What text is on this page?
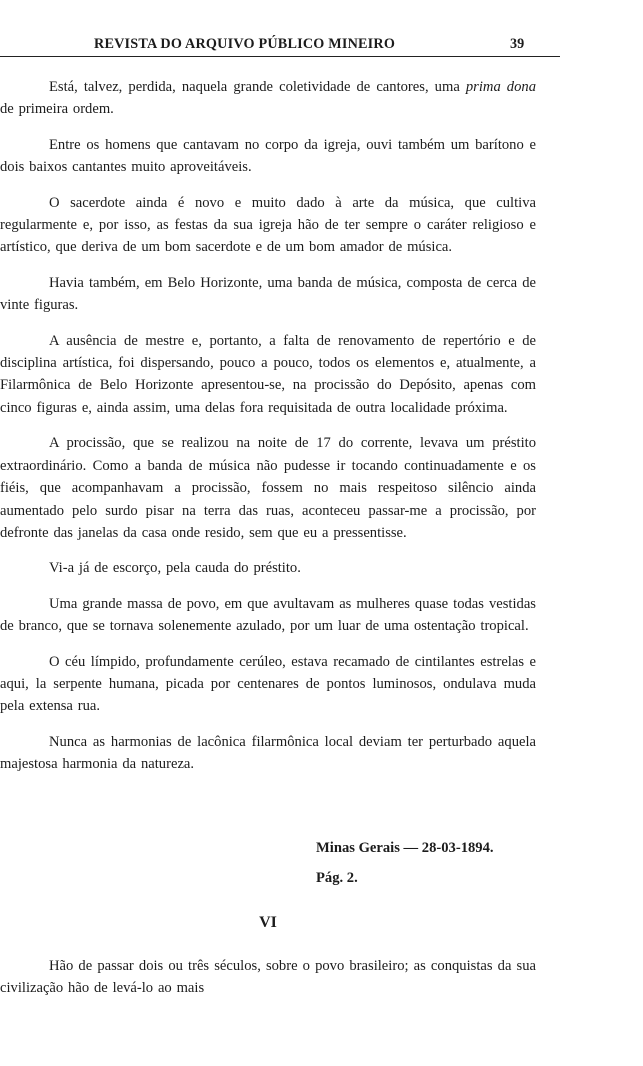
REVISTA DO ARQUIVO PÚBLICO MINEIRO	39

Está, talvez, perdida, naquela grande coletividade de cantores, uma prima dona de primeira ordem.

Entre os homens que cantavam no corpo da igreja, ouvi também um barítono e dois baixos cantantes muito aproveitáveis.

O sacerdote ainda é novo e muito dado à arte da música, que cultiva regularmente e, por isso, as festas da sua igreja hão de ter sempre o caráter religioso e artístico, que deriva de um bom sacerdote e de um bom amador de música.

Havia também, em Belo Horizonte, uma banda de música, composta de cerca de vinte figuras.

A ausência de mestre e, portanto, a falta de renovamento de repertório e de disciplina artística, foi dispersando, pouco a pouco, todos os elementos e, atualmente, a Filarmônica de Belo Horizonte apresentou-se, na procissão do Depósito, apenas com cinco figuras e, ainda assim, uma delas fora requisitada de outra localidade próxima.

A procissão, que se realizou na noite de 17 do corrente, levava um préstito extraordinário. Como a banda de música não pudesse ir tocando continuadamente e os fiéis, que acompanhavam a procissão, fossem no mais respeitoso silêncio ainda aumentado pelo surdo pisar na terra das ruas, aconteceu passar-me a procissão, por defronte das janelas da casa onde resido, sem que eu a pressentisse.

Vi-a já de escorço, pela cauda do préstito.

Uma grande massa de povo, em que avultavam as mulheres quase todas vestidas de branco, que se tornava solenemente azulado, por um luar de uma ostentação tropical.

O céu límpido, profundamente cerúleo, estava recamado de cintilantes estrelas e aqui, la serpente humana, picada por centenares de pontos luminosos, ondulava muda pela extensa rua.

Nunca as harmonias de lacônica filarmônica local deviam ter perturbado aquela majestosa harmonia da natureza.

Minas Gerais — 28-03-1894.
Pág. 2.
VI

Hão de passar dois ou três séculos, sobre o povo brasileiro; as conquistas da sua civilização hão de levá-lo ao mais
